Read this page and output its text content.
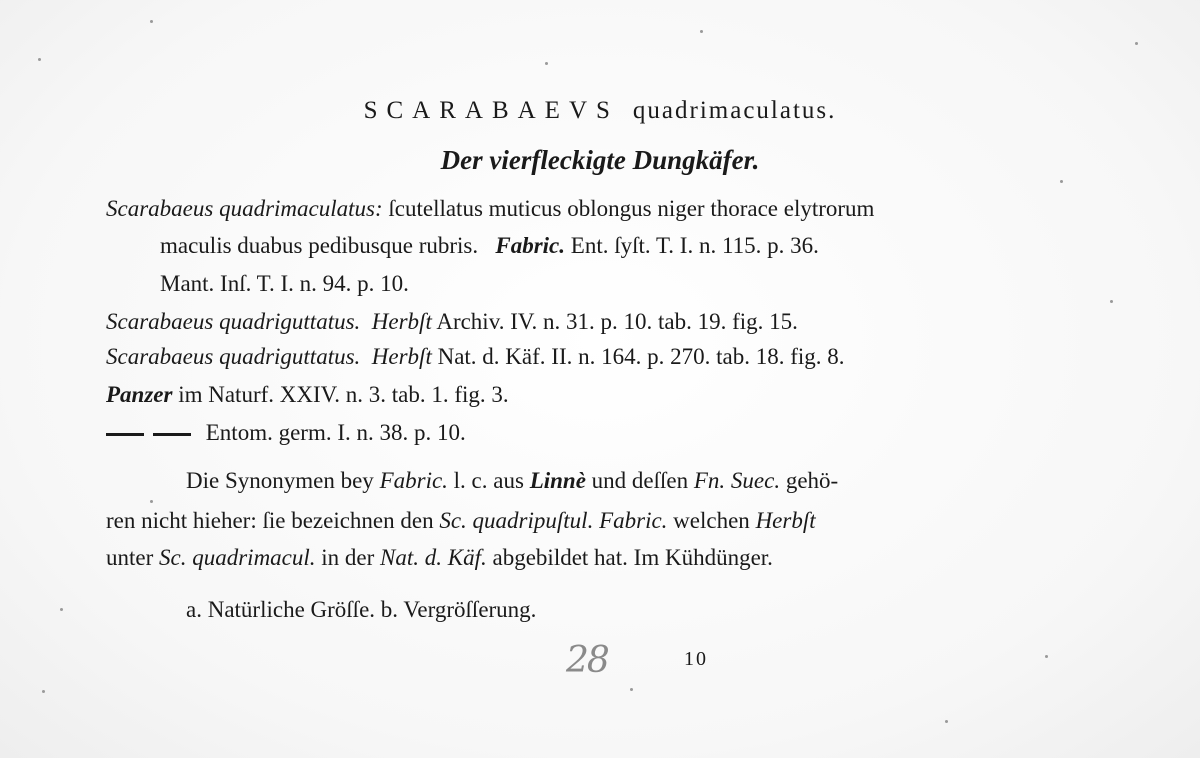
SCARABAEVS quadrimaculatus.
Der vierfleckigte Dungkäfer.
Scarabaeus quadrimaculatus: ſcutellatus muticus oblongus niger thorace elytrorum
maculis duabus pedibusque rubris. Fabric. Ent. ſyſt. T. I. n. 115. p. 36.
Mant. Inſ. T. I. n. 94. p. 10.
Scarabaeus quadriguttatus. Herbſt Archiv. IV. n. 31. p. 10. tab. 19. fig. 15.
Scarabaeus quadriguttatus. Herbſt Nat. d. Käf. II. n. 164. p. 270. tab. 18. fig. 8.
Panzer im Naturf. XXIV. n. 3. tab. 1. fig. 3.
Entom. germ. I. n. 38. p. 10.
Die Synonymen bey Fabric. l. c. aus Linnè und deſſen Fn. Suec. gehö-
ren nicht hieher: ſie bezeichnen den Sc. quadripuſtul. Fabric. welchen Herbſt
unter Sc. quadrimacul. in der Nat. d. Käf. abgebildet hat. Im Kühdünger.
a. Natürliche Gröſſe. b. Vergröſſerung.
28	10
